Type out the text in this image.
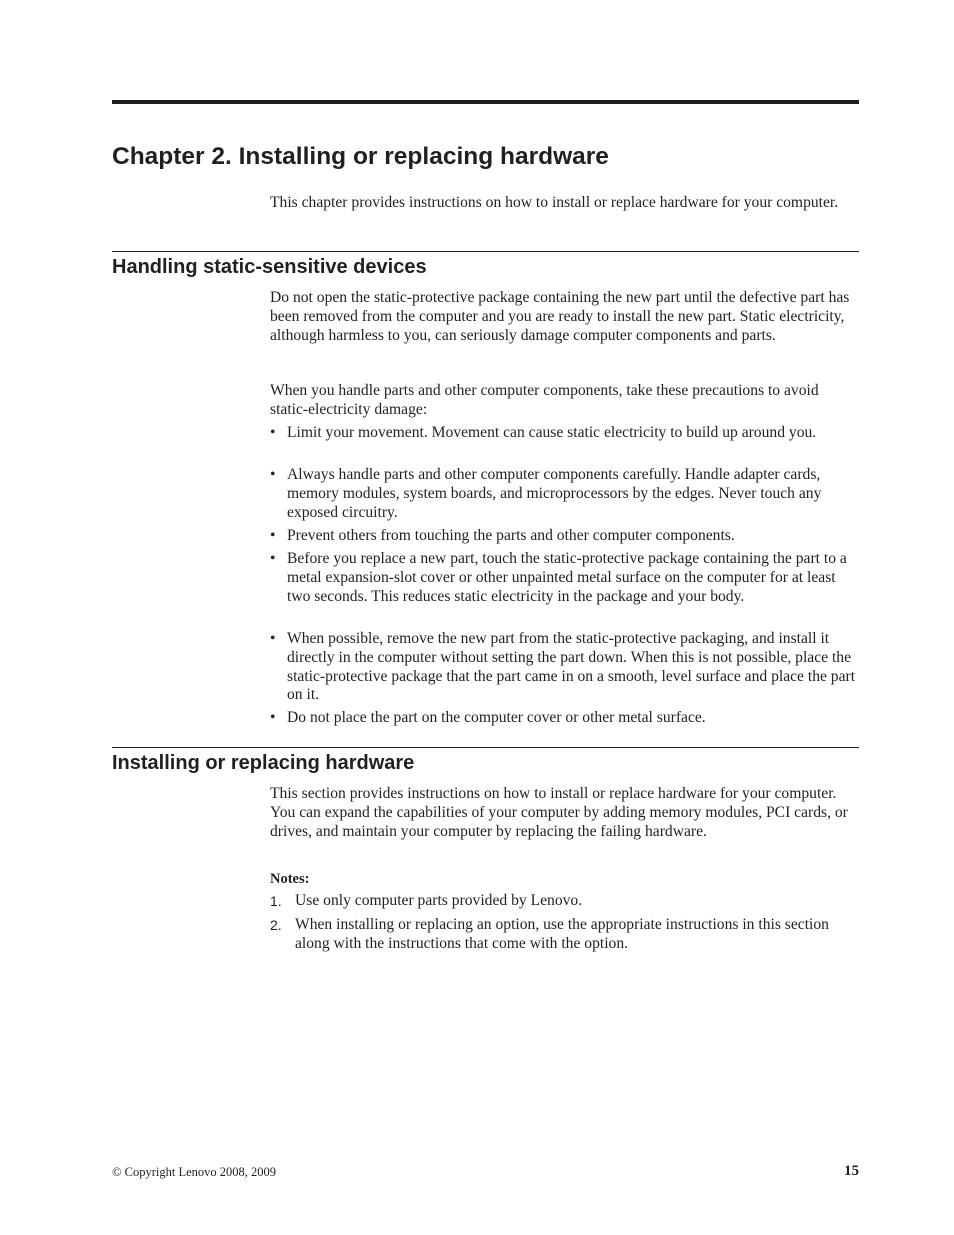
Chapter 2. Installing or replacing hardware

This chapter provides instructions on how to install or replace hardware for your computer.

Handling static-sensitive devices

Do not open the static-protective package containing the new part until the defective part has been removed from the computer and you are ready to install the new part. Static electricity, although harmless to you, can seriously damage computer components and parts.

When you handle parts and other computer components, take these precautions to avoid static-electricity damage:

• Limit your movement. Movement can cause static electricity to build up around you.
• Always handle parts and other computer components carefully. Handle adapter cards, memory modules, system boards, and microprocessors by the edges. Never touch any exposed circuitry.
• Prevent others from touching the parts and other computer components.
• Before you replace a new part, touch the static-protective package containing the part to a metal expansion-slot cover or other unpainted metal surface on the computer for at least two seconds. This reduces static electricity in the package and your body.
• When possible, remove the new part from the static-protective packaging, and install it directly in the computer without setting the part down. When this is not possible, place the static-protective package that the part came in on a smooth, level surface and place the part on it.
• Do not place the part on the computer cover or other metal surface.
Installing or replacing hardware

This section provides instructions on how to install or replace hardware for your computer. You can expand the capabilities of your computer by adding memory modules, PCI cards, or drives, and maintain your computer by replacing the failing hardware.

Notes:
1. Use only computer parts provided by Lenovo.
2. When installing or replacing an option, use the appropriate instructions in this section along with the instructions that come with the option.
© Copyright Lenovo 2008, 2009	15
